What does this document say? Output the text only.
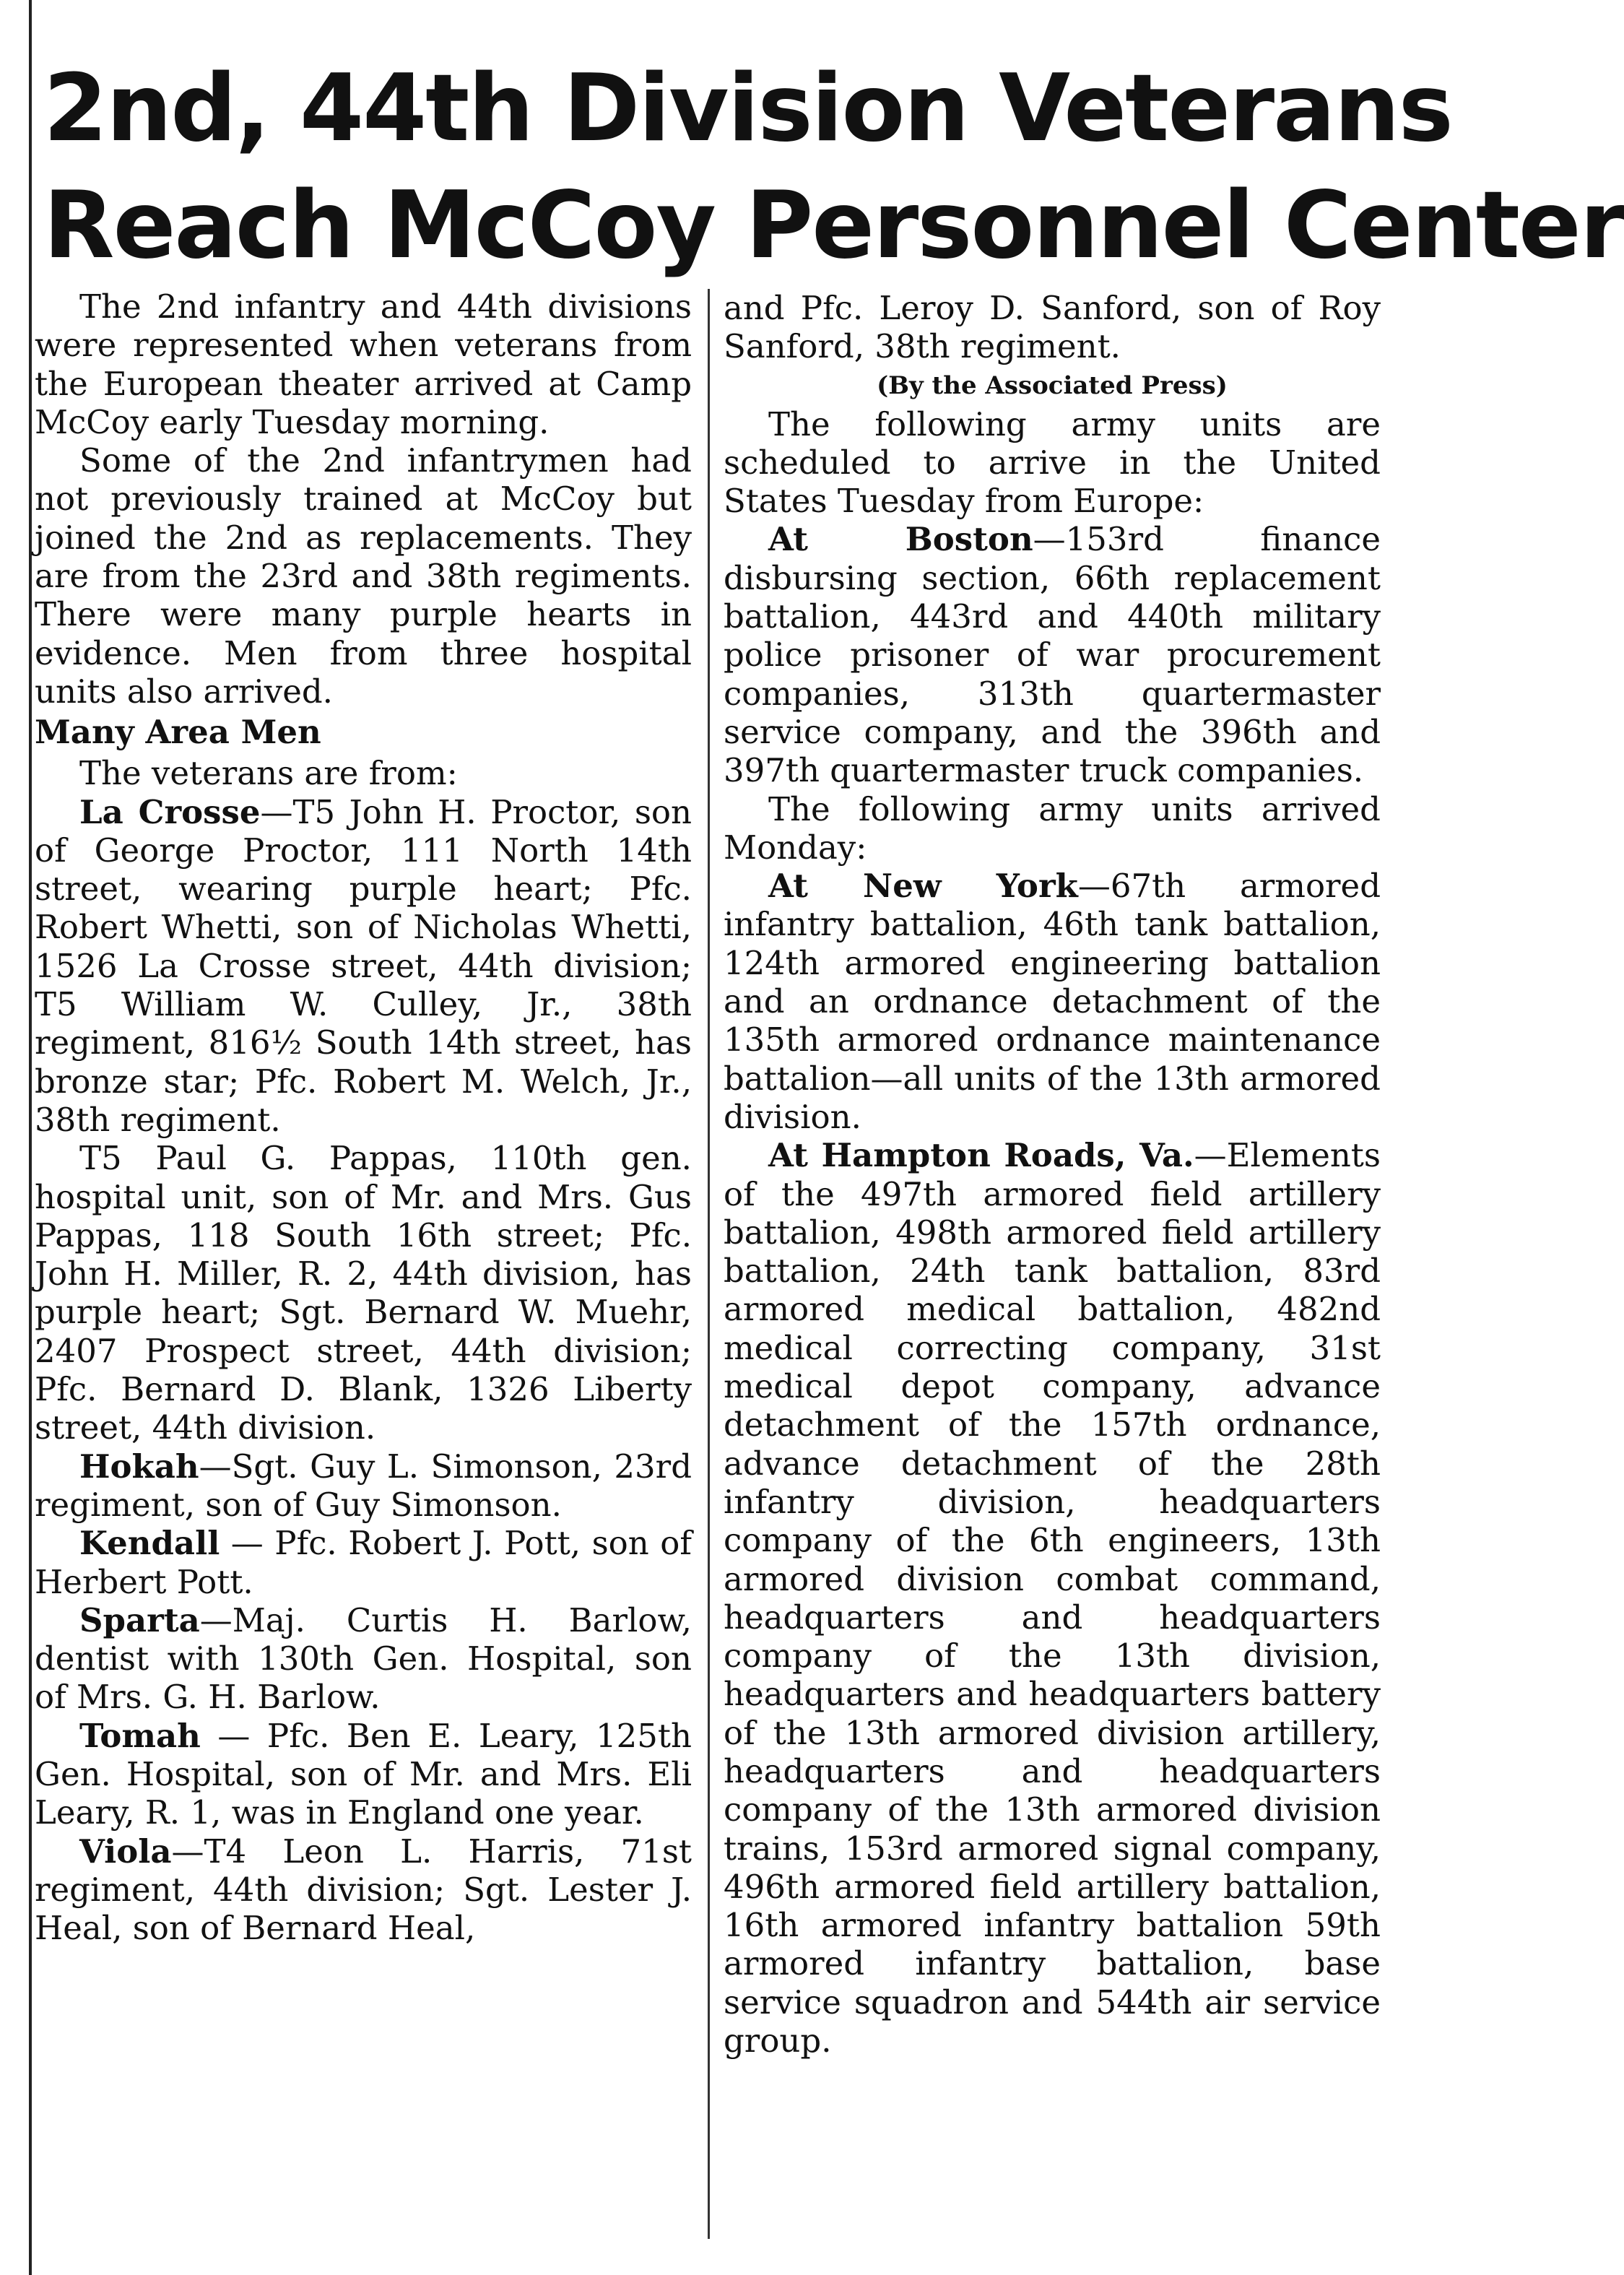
2nd, 44th Division Veterans
Reach McCoy Personnel Center

The 2nd infantry and 44th divisions were represented when veterans from the European theater arrived at Camp McCoy early Tuesday morning.

Some of the 2nd infantrymen had not previously trained at McCoy but joined the 2nd as replacements. They are from the 23rd and 38th regiments. There were many purple hearts in evidence. Men from three hospital units also arrived.

Many Area Men

The veterans are from:

La Crosse—T5 John H. Proctor, son of George Proctor, 111 North 14th street, wearing purple heart; Pfc. Robert Whetti, son of Nicholas Whetti, 1526 La Crosse street, 44th division; T5 William W. Culley, Jr., 38th regiment, 816½ South 14th street, has bronze star; Pfc. Robert M. Welch, Jr., 38th regiment.

T5 Paul G. Pappas, 110th gen. hospital unit, son of Mr. and Mrs. Gus Pappas, 118 South 16th street; Pfc. John H. Miller, R. 2, 44th division, has purple heart; Sgt. Bernard W. Muehr, 2407 Prospect street, 44th division; Pfc. Bernard D. Blank, 1326 Liberty street, 44th division.

Hokah—Sgt. Guy L. Simonson, 23rd regiment, son of Guy Simonson.

Kendall — Pfc. Robert J. Pott, son of Herbert Pott.

Sparta—Maj. Curtis H. Barlow, dentist with 130th Gen. Hospital, son of Mrs. G. H. Barlow.

Tomah — Pfc. Ben E. Leary, 125th Gen. Hospital, son of Mr. and Mrs. Eli Leary, R. 1, was in England one year.

Viola—T4 Leon L. Harris, 71st regiment, 44th division; Sgt. Lester J. Heal, son of Bernard Heal,

and Pfc. Leroy D. Sanford, son of Roy Sanford, 38th regiment.

(By the Associated Press)

The following army units are scheduled to arrive in the United States Tuesday from Europe:

At Boston—153rd finance disbursing section, 66th replacement battalion, 443rd and 440th military police prisoner of war procurement companies, 313th quartermaster service company, and the 396th and 397th quartermaster truck companies.

The following army units arrived Monday:

At New York—67th armored infantry battalion, 46th tank battalion, 124th armored engineering battalion and an ordnance detachment of the 135th armored ordnance maintenance battalion—all units of the 13th armored division.

At Hampton Roads, Va.—Elements of the 497th armored field artillery battalion, 498th armored field artillery battalion, 24th tank battalion, 83rd armored medical battalion, 482nd medical correcting company, 31st medical depot company, advance detachment of the 157th ordnance, advance detachment of the 28th infantry division, headquarters company of the 6th engineers, 13th armored division combat command, headquarters and headquarters company of the 13th division, headquarters and headquarters battery of the 13th armored division artillery, headquarters and headquarters company of the 13th armored division trains, 153rd armored signal company, 496th armored field artillery battalion, 16th armored infantry battalion 59th armored infantry battalion, base service squadron and 544th air service group.
